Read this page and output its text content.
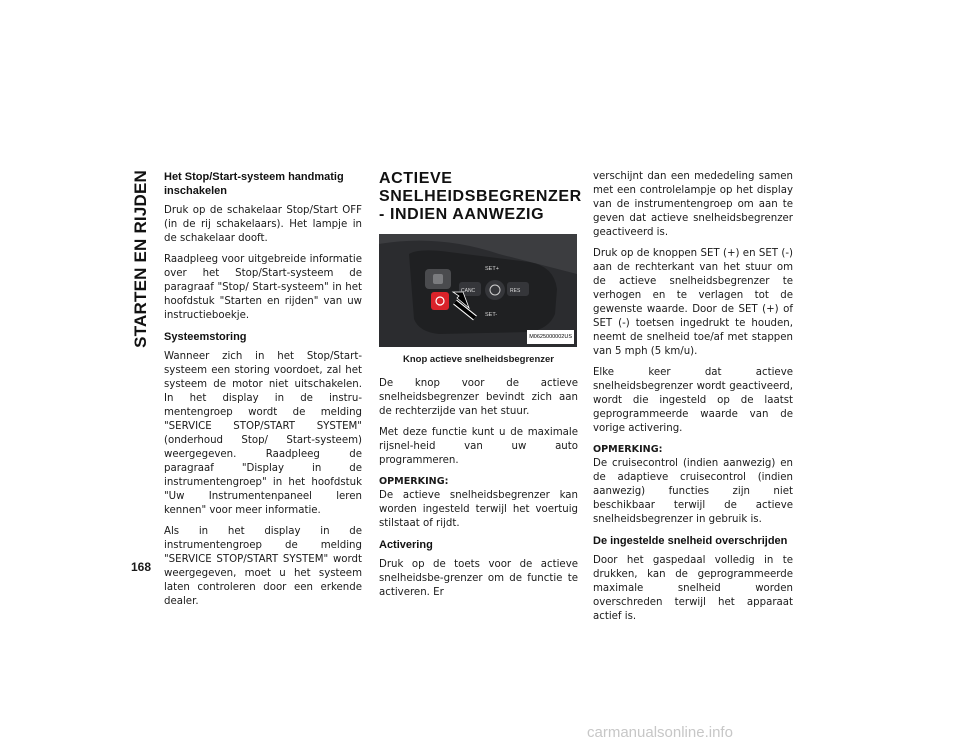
STARTEN EN RIJDEN
168
Het Stop/Start-systeem handmatig inschakelen

Druk op de schakelaar Stop/Start OFF (in de rij schakelaars). Het lampje in de schakelaar dooft.

Raadpleeg voor uitgebreide informatie over het Stop/Start-systeem de paragraaf "Stop/ Start-systeem" in het hoofdstuk "Starten en rijden" van uw instructieboekje.

Systeemstoring

Wanneer zich in het Stop/Start-systeem een storing voordoet, zal het systeem de motor niet uitschakelen. In het display in de instru-mentengroep wordt de melding "SERVICE STOP/START SYSTEM" (onderhoud Stop/ Start-systeem) weergegeven. Raadpleeg de paragraaf "Display in de instrumentengroep" in het hoofdstuk "Uw Instrumentenpaneel leren kennen" voor meer informatie.

Als in het display in de instrumentengroep de melding "SERVICE STOP/START SYSTEM" wordt weergegeven, moet u het systeem laten controleren door een erkende dealer.

ACTIEVE SNELHEIDSBEGRENZER - INDIEN AANWEZIG
SET+
CANC	RES
SET-
M0625000002US
Knop actieve snelheidsbegrenzer

De knop voor de actieve snelheidsbegrenzer bevindt zich aan de rechterzijde van het stuur.

Met deze functie kunt u de maximale rijsnel-heid van uw auto programmeren.

OPMERKING:
De actieve snelheidsbegrenzer kan worden ingesteld terwijl het voertuig stilstaat of rijdt.

Activering

Druk op de toets voor de actieve snelheidsbe-grenzer om de functie te activeren. Er

verschijnt dan een mededeling samen met een controlelampje op het display van de instrumentengroep om aan te geven dat actieve snelheidsbegrenzer geactiveerd is.

Druk op de knoppen SET (+) en SET (-) aan de rechterkant van het stuur om de actieve snelheidsbegrenzer te verhogen en te verlagen tot de gewenste waarde. Door de SET (+) of SET (-) toetsen ingedrukt te houden, neemt de snelheid toe/af met stappen van 5 mph (5 km/u).

Elke keer dat actieve snelheidsbegrenzer wordt geactiveerd, wordt die ingesteld op de laatst geprogrammeerde waarde van de vorige activering.

OPMERKING:
De cruisecontrol (indien aanwezig) en de adaptieve cruisecontrol (indien aanwezig) functies zijn niet beschikbaar terwijl de actieve snelheidsbegrenzer in gebruik is.

De ingestelde snelheid overschrijden

Door het gaspedaal volledig in te drukken, kan de geprogrammeerde maximale snelheid worden overschreden terwijl het apparaat actief is.

carmanualsonline.info
